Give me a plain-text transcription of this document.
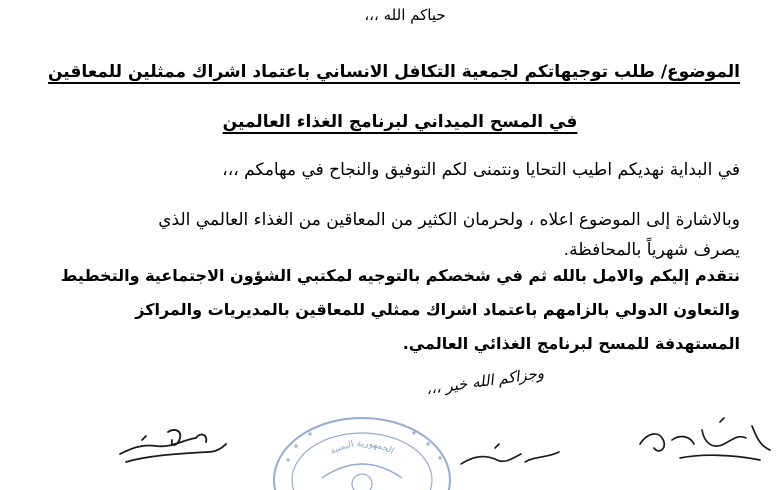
حياكم الله ،،،
الموضوع/ طلب توجيهاتكم لجمعية التكافل الانساني باعتماد اشراك ممثلين للمعاقين
في المسح الميداني لبرنامج الغذاء العالمين
في البداية نهديكم اطيب التحايا ونتمنى لكم التوفيق والنجاح في مهامكم ،،،
وبالاشارة إلى الموضوع اعلاه ، ولحرمان الكثير من المعاقين من الغذاء العالمي الذي
يصرف شهرياً بالمحافظة.
نتقدم إليكم والامل بالله ثم في شخصكم بالتوجيه لمكتبي الشؤون الاجتماعية والتخطيط
والتعاون الدولي بالزامهم باعتماد اشراك ممثلي للمعاقين بالمديريات والمراكز
المستهدفة للمسح لبرنامج الغذائي العالمي.
وجزاكم الله خير ،،،
الجمهورية اليمنية
